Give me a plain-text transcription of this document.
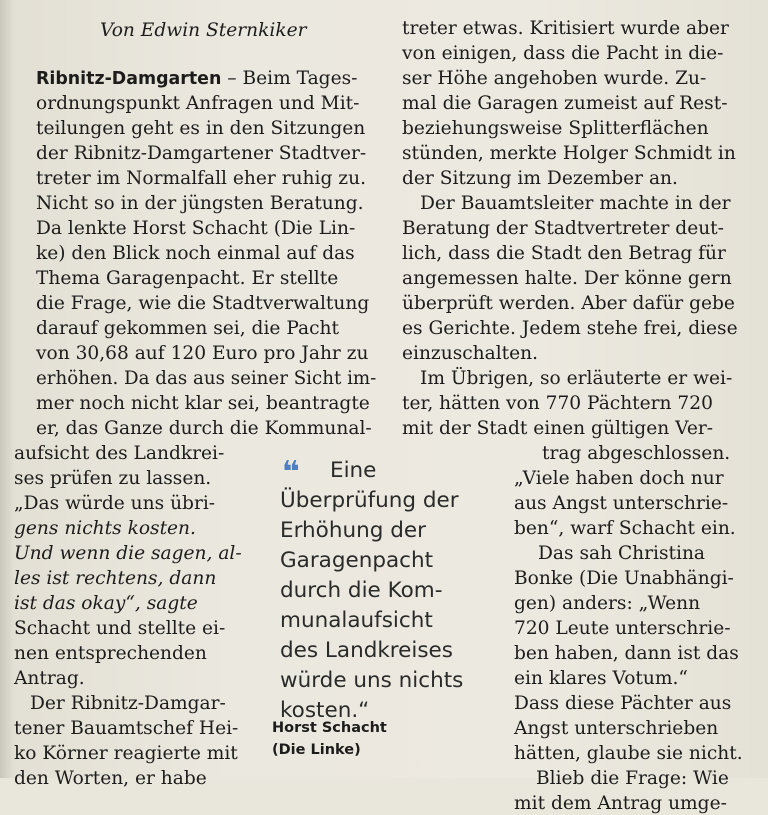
Von Edwin Sternkiker
Ribnitz-Damgarten – Beim Tages-
ordnungspunkt Anfragen und Mit-
teilungen geht es in den Sitzungen
der Ribnitz-Damgartener Stadtver-
treter im Normalfall eher ruhig zu.
Nicht so in der jüngsten Beratung.
Da lenkte Horst Schacht (Die Lin-
ke) den Blick noch einmal auf das
Thema Garagenpacht. Er stellte
die Frage, wie die Stadtverwaltung
darauf gekommen sei, die Pacht
von 30,68 auf 120 Euro pro Jahr zu
erhöhen. Da das aus seiner Sicht im-
mer noch nicht klar sei, beantragte
er, das Ganze durch die Kommunal-
aufsicht des Landkrei-
ses prüfen zu lassen.
„Das würde uns übri-
gens nichts kosten.
Und wenn die sagen, al-
les ist rechtens, dann
ist das okay“, sagte
Schacht und stellte ei-
nen entsprechenden
Antrag.
Der Ribnitz-Damgar-
tener Bauamtschef Hei-
ko Körner reagierte mit
den Worten, er habe
❛❛ Eine
Überprüfung der
Erhöhung der
Garagenpacht
durch die Kom-
munalaufsicht
des Landkreises
würde uns nichts
kosten.“
Horst Schacht
(Die Linke)
treter etwas. Kritisiert wurde aber
von einigen, dass die Pacht in die-
ser Höhe angehoben wurde. Zu-
mal die Garagen zumeist auf Rest-
beziehungsweise Splitterflächen
stünden, merkte Holger Schmidt in
der Sitzung im Dezember an.
Der Bauamtsleiter machte in der
Beratung der Stadtvertreter deut-
lich, dass die Stadt den Betrag für
angemessen halte. Der könne gern
überprüft werden. Aber dafür gebe
es Gerichte. Jedem stehe frei, diese
einzuschalten.
Im Übrigen, so erläuterte er wei-
ter, hätten von 770 Pächtern 720
mit der Stadt einen gültigen Ver-
trag abgeschlossen.
„Viele haben doch nur
aus Angst unterschrie-
ben“, warf Schacht ein.
Das sah Christina
Bonke (Die Unabhängi-
gen) anders: „Wenn
720 Leute unterschrie-
ben haben, dann ist das
ein klares Votum.“
Dass diese Pächter aus
Angst unterschrieben
hätten, glaube sie nicht.
Blieb die Frage: Wie
mit dem Antrag umge-
